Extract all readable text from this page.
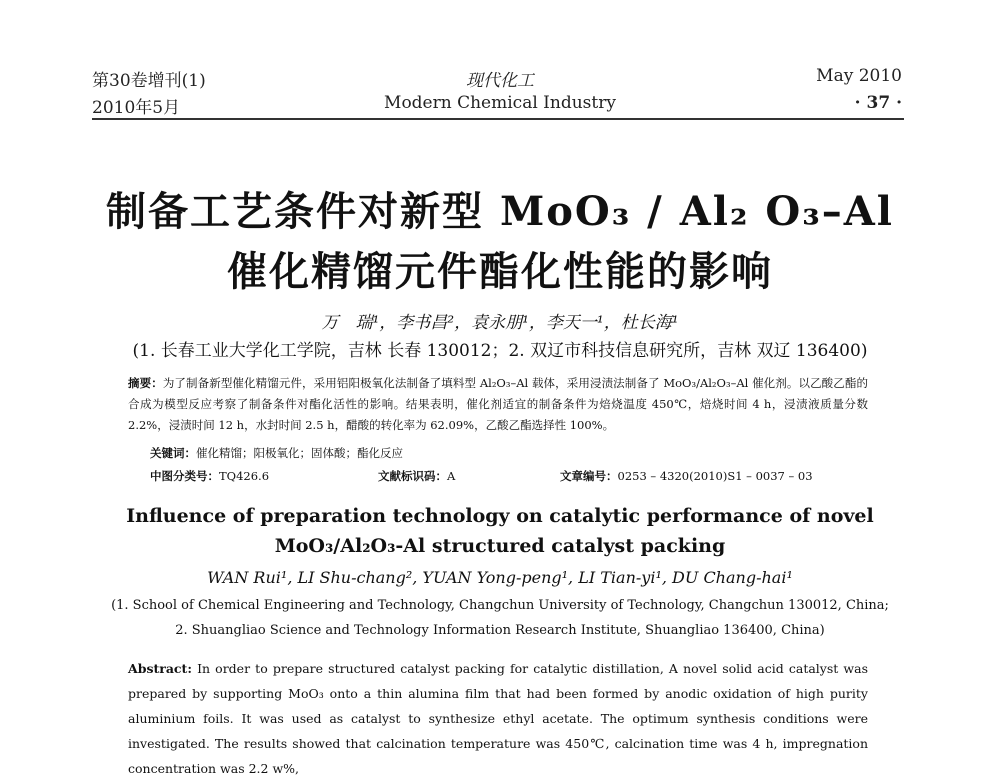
第30卷增刊(1)
2010年5月
现代化工
Modern Chemical Industry
May 2010
· 37 ·
制备工艺条件对新型 MoO₃ / Al₂ O₃–Al
催化精馏元件酯化性能的影响
万　瑞¹，李书昌²，袁永朋¹，李天一¹，杜长海¹
(1. 长春工业大学化工学院，吉林 长春 130012；2. 双辽市科技信息研究所，吉林 双辽 136400)
摘要：为了制备新型催化精馏元件，采用铝阳极氧化法制备了填料型 Al₂O₃–Al 载体，采用浸渍法制备了 MoO₃/Al₂O₃–Al 催化剂。以乙酸乙酯的合成为模型反应考察了制备条件对酯化活性的影响。结果表明，催化剂适宜的制备条件为焙烧温度 450℃，焙烧时间 4 h，浸渍液质量分数 2.2%，浸渍时间 12 h，水封时间 2.5 h，醋酸的转化率为 62.09%，乙酸乙酯选择性 100%。
关键词：催化精馏；阳极氧化；固体酸；酯化反应
中图分类号：TQ426.6	文献标识码：A	文章编号：0253 – 4320(2010)S1 – 0037 – 03
Influence of preparation technology on catalytic performance of novel
MoO₃/Al₂O₃-Al structured catalyst packing
WAN Rui¹, LI Shu-chang², YUAN Yong-peng¹, LI Tian-yi¹, DU Chang-hai¹
(1. School of Chemical Engineering and Technology, Changchun University of Technology, Changchun 130012, China;
2. Shuangliao Science and Technology Information Research Institute, Shuangliao 136400, China)
Abstract: In order to prepare structured catalyst packing for catalytic distillation, A novel solid acid catalyst was prepared by supporting MoO₃ onto a thin alumina film that had been formed by anodic oxidation of high purity aluminium foils. It was used as catalyst to synthesize ethyl acetate. The optimum synthesis conditions were investigated. The results showed that calcination temperature was 450℃, calcination time was 4 h, impregnation concentration was 2.2 w%,
